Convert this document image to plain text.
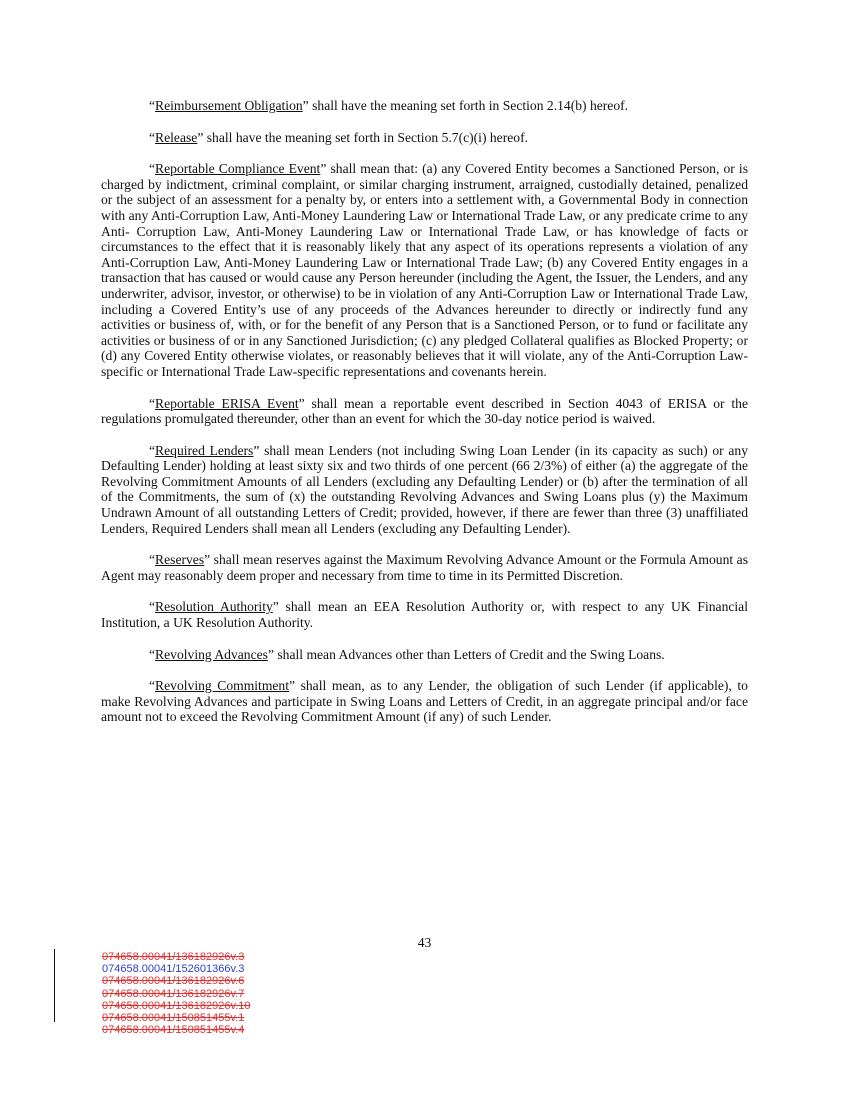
“Reimbursement Obligation” shall have the meaning set forth in Section 2.14(b) hereof.

“Release” shall have the meaning set forth in Section 5.7(c)(i) hereof.

“Reportable Compliance Event” shall mean that: (a) any Covered Entity becomes a Sanctioned Person, or is charged by indictment, criminal complaint, or similar charging instrument, arraigned, custodially detained, penalized or the subject of an assessment for a penalty by, or enters into a settlement with, a Governmental Body in connection with any Anti-Corruption Law, Anti-Money Laundering Law or International Trade Law, or any predicate crime to any Anti- Corruption Law, Anti-Money Laundering Law or International Trade Law, or has knowledge of facts or circumstances to the effect that it is reasonably likely that any aspect of its operations represents a violation of any Anti-Corruption Law, Anti-Money Laundering Law or International Trade Law; (b) any Covered Entity engages in a transaction that has caused or would cause any Person hereunder (including the Agent, the Issuer, the Lenders, and any underwriter, advisor, investor, or otherwise) to be in violation of any Anti-Corruption Law or International Trade Law, including a Covered Entity’s use of any proceeds of the Advances hereunder to directly or indirectly fund any activities or business of, with, or for the benefit of any Person that is a Sanctioned Person, or to fund or facilitate any activities or business of or in any Sanctioned Jurisdiction; (c) any pledged Collateral qualifies as Blocked Property; or (d) any Covered Entity otherwise violates, or reasonably believes that it will violate, any of the Anti-Corruption Law-specific or International Trade Law-specific representations and covenants herein.

“Reportable ERISA Event” shall mean a reportable event described in Section 4043 of ERISA or the regulations promulgated thereunder, other than an event for which the 30-day notice period is waived.

“Required Lenders” shall mean Lenders (not including Swing Loan Lender (in its capacity as such) or any Defaulting Lender) holding at least sixty six and two thirds of one percent (66 2/3%) of either (a) the aggregate of the Revolving Commitment Amounts of all Lenders (excluding any Defaulting Lender) or (b) after the termination of all of the Commitments, the sum of (x) the outstanding Revolving Advances and Swing Loans plus (y) the Maximum Undrawn Amount of all outstanding Letters of Credit; provided, however, if there are fewer than three (3) unaffiliated Lenders, Required Lenders shall mean all Lenders (excluding any Defaulting Lender).

“Reserves” shall mean reserves against the Maximum Revolving Advance Amount or the Formula Amount as Agent may reasonably deem proper and necessary from time to time in its Permitted Discretion.

“Resolution Authority” shall mean an EEA Resolution Authority or, with respect to any UK Financial Institution, a UK Resolution Authority.

“Revolving Advances” shall mean Advances other than Letters of Credit and the Swing Loans.

“Revolving Commitment” shall mean, as to any Lender, the obligation of such Lender (if applicable), to make Revolving Advances and participate in Swing Loans and Letters of Credit, in an aggregate principal and/or face amount not to exceed the Revolving Commitment Amount (if any) of such Lender.

43
074658.00041/136182926v.3
074658.00041/152601366v.3
074658.00041/136182926v.6
074658.00041/136182926v.7
074658.00041/136182926v.10
074658.00041/150851455v.1
074658.00041/150851455v.4
